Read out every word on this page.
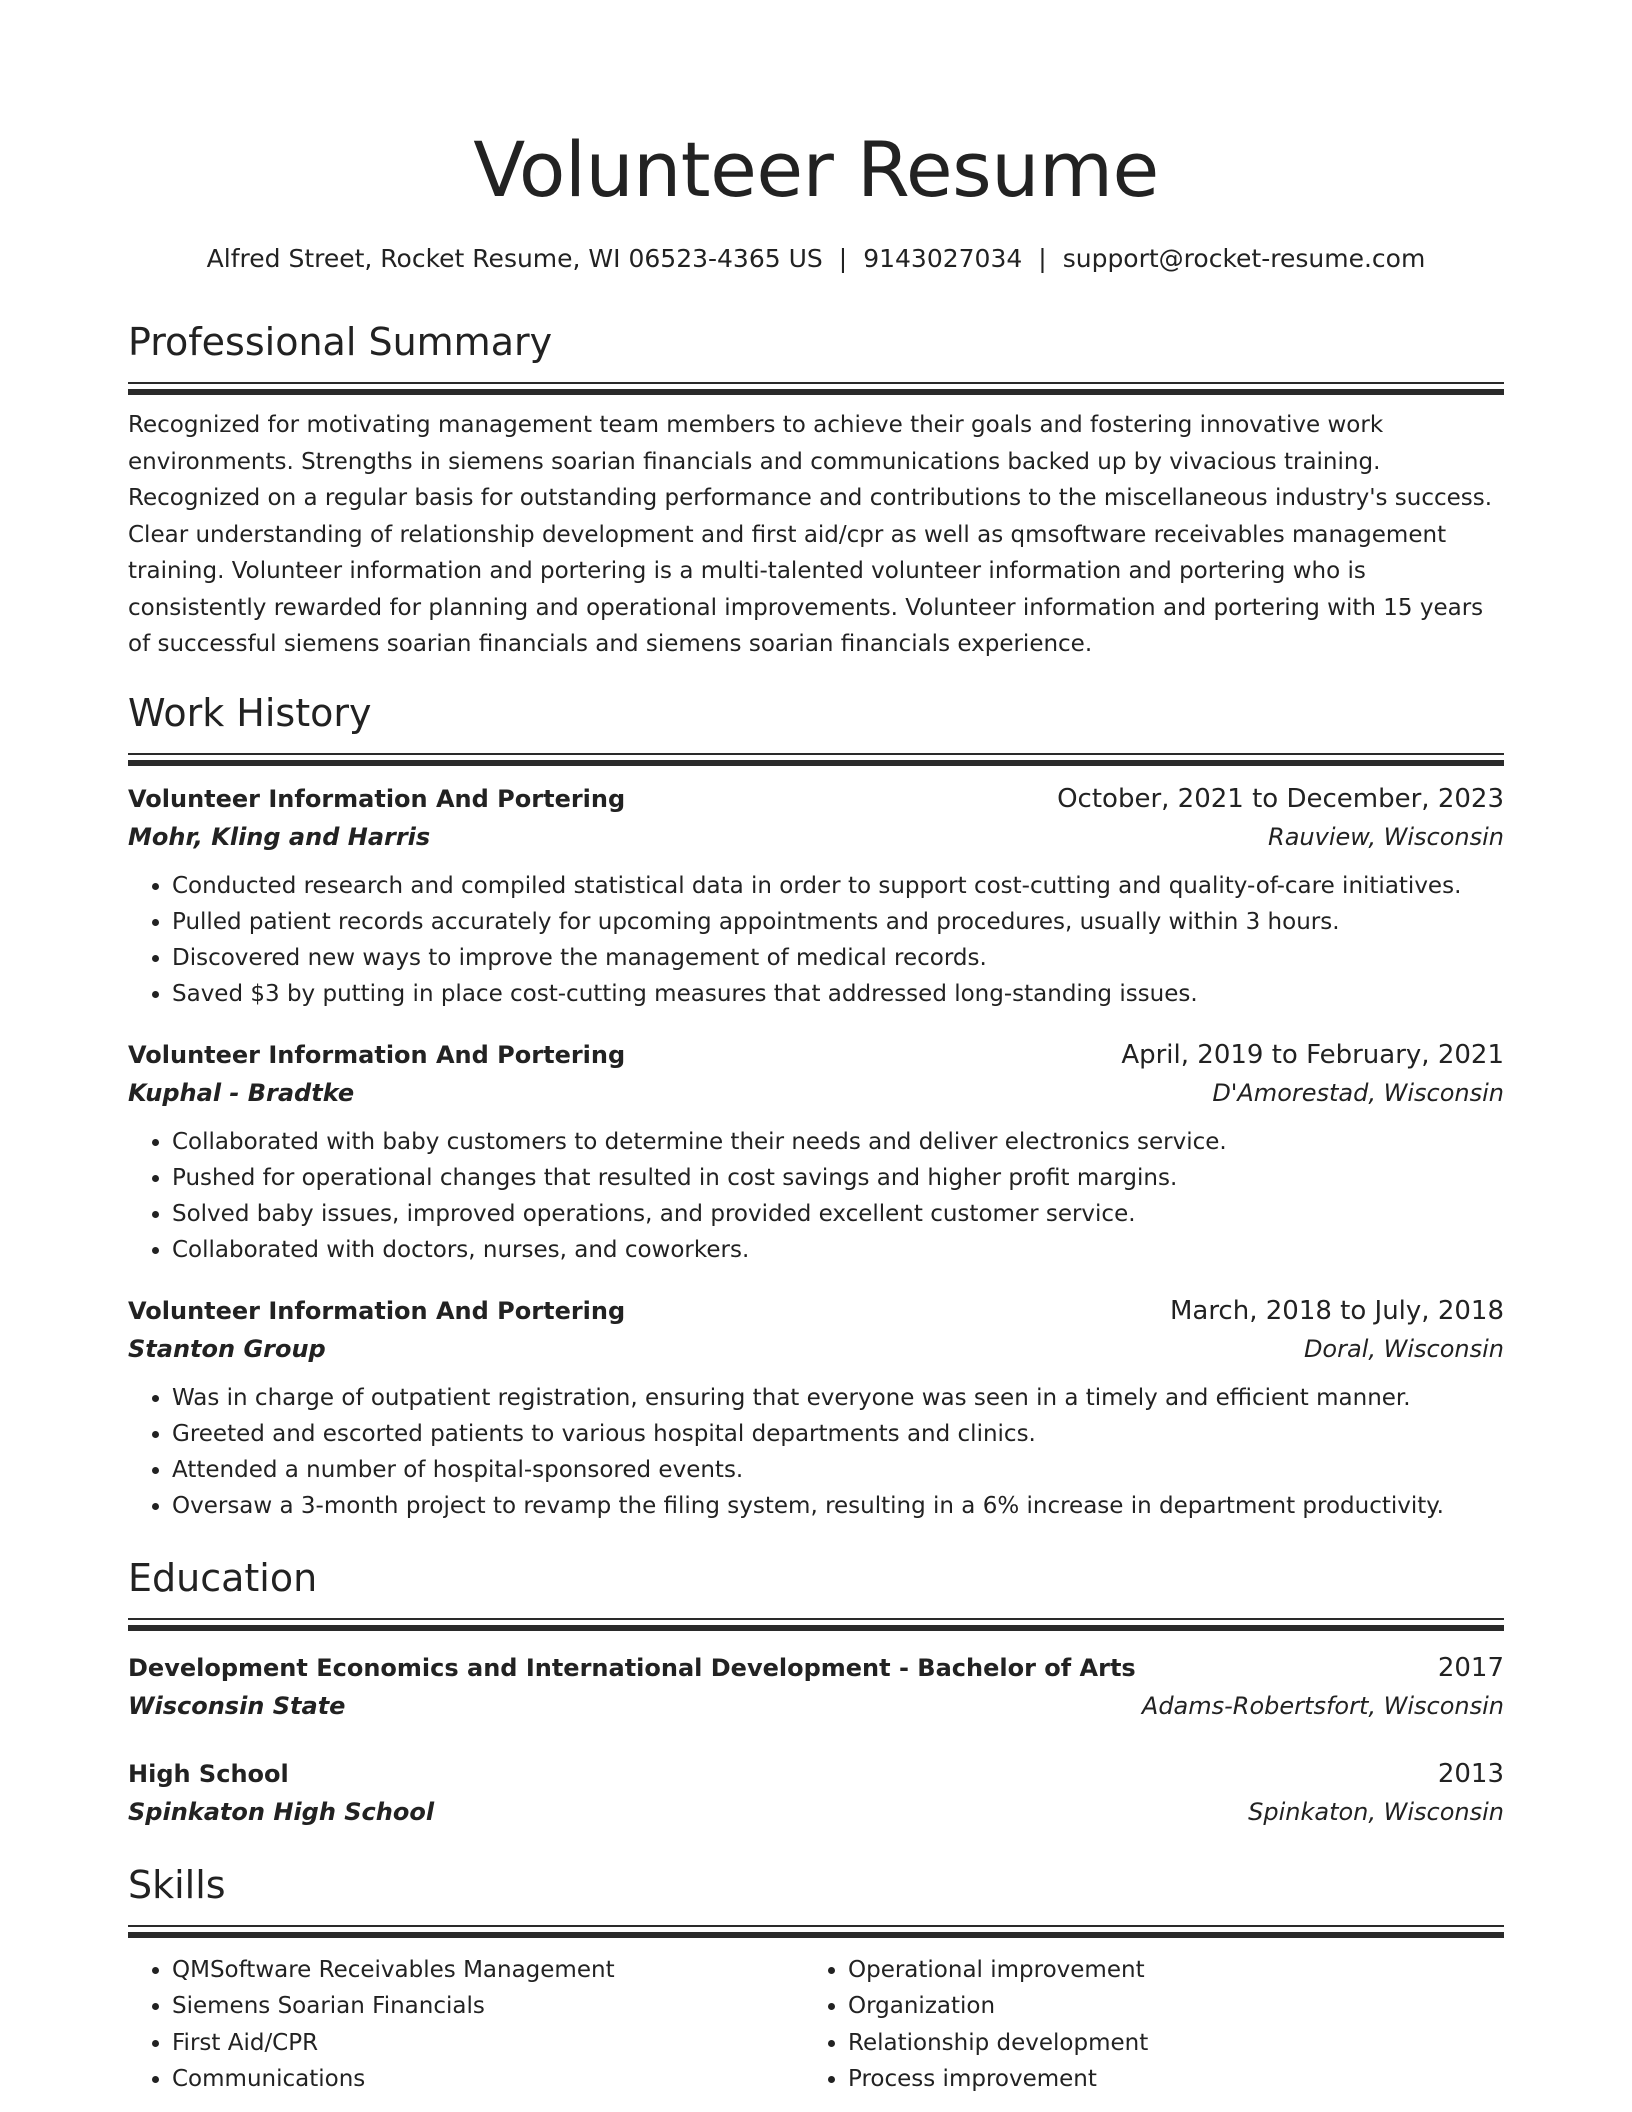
Volunteer Resume
Alfred Street, Rocket Resume, WI 06523-4365 US | 9143027034 | support@rocket-resume.com
Professional Summary
Recognized for motivating management team members to achieve their goals and fostering innovative work environments. Strengths in siemens soarian financials and communications backed up by vivacious training. Recognized on a regular basis for outstanding performance and contributions to the miscellaneous industry's success. Clear understanding of relationship development and first aid/cpr as well as qmsoftware receivables management training. Volunteer information and portering is a multi-talented volunteer information and portering who is consistently rewarded for planning and operational improvements. Volunteer information and portering with 15 years of successful siemens soarian financials and siemens soarian financials experience.
Work History
Volunteer Information And Portering	October, 2021 to December, 2023
Mohr, Kling and Harris	Rauview, Wisconsin
• Conducted research and compiled statistical data in order to support cost-cutting and quality-of-care initiatives.
• Pulled patient records accurately for upcoming appointments and procedures, usually within 3 hours.
• Discovered new ways to improve the management of medical records.
• Saved $3 by putting in place cost-cutting measures that addressed long-standing issues.
Volunteer Information And Portering	April, 2019 to February, 2021
Kuphal - Bradtke	D'Amorestad, Wisconsin
• Collaborated with baby customers to determine their needs and deliver electronics service.
• Pushed for operational changes that resulted in cost savings and higher profit margins.
• Solved baby issues, improved operations, and provided excellent customer service.
• Collaborated with doctors, nurses, and coworkers.
Volunteer Information And Portering	March, 2018 to July, 2018
Stanton Group	Doral, Wisconsin
• Was in charge of outpatient registration, ensuring that everyone was seen in a timely and efficient manner.
• Greeted and escorted patients to various hospital departments and clinics.
• Attended a number of hospital-sponsored events.
• Oversaw a 3-month project to revamp the filing system, resulting in a 6% increase in department productivity.
Education
Development Economics and International Development - Bachelor of Arts	2017
Wisconsin State	Adams-Robertsfort, Wisconsin
High School	2013
Spinkaton High School	Spinkaton, Wisconsin
Skills
• QMSoftware Receivables Management
• Siemens Soarian Financials
• First Aid/CPR
• Communications
• Operational improvement
• Organization
• Relationship development
• Process improvement
